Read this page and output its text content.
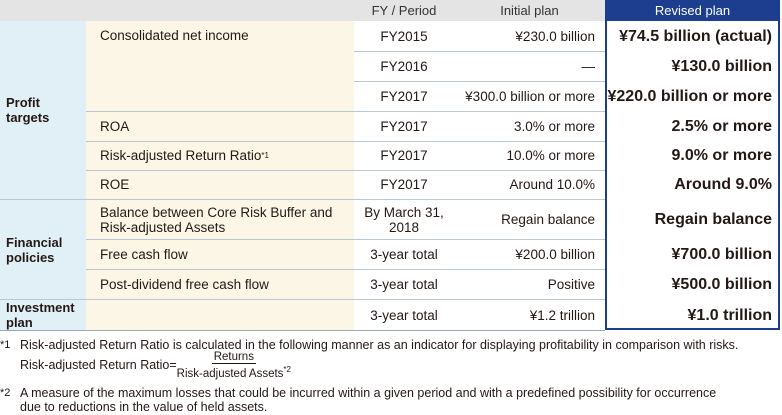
FY / Period	Initial plan	Revised plan
Profit targets
Financial policies
Investment plan
Consolidated net income
ROA
Risk-adjusted Return Ratio *1
ROE
Balance between Core Risk Buffer and
Risk-adjusted Assets
Free cash flow
Post-dividend free cash flow
FY2015
FY2016
FY2017
FY2017
FY2017
FY2017
By March 31,
2018
3-year total
3-year total
3-year total
¥230.0 billion
—
¥300.0 billion or more
3.0% or more
10.0% or more
Around 10.0%
Regain balance
¥200.0 billion
Positive
¥1.2 trillion
¥74.5 billion (actual)
¥130.0 billion
¥220.0 billion or more
2.5% or more
9.0% or more
Around 9.0%
Regain balance
¥700.0 billion
¥500.0 billion
¥1.0 trillion
*1 Risk-adjusted Return Ratio is calculated in the following manner as an indicator for displaying profitability in comparison with risks.
Risk-adjusted Return Ratio= $\frac{\text{Returns}}{Risk-adjusted Assets^{*2}}$
*2 A measure of the maximum losses that could be incurred within a given period and with a predefined possibility for occurrence
due to reductions in the value of held assets.
